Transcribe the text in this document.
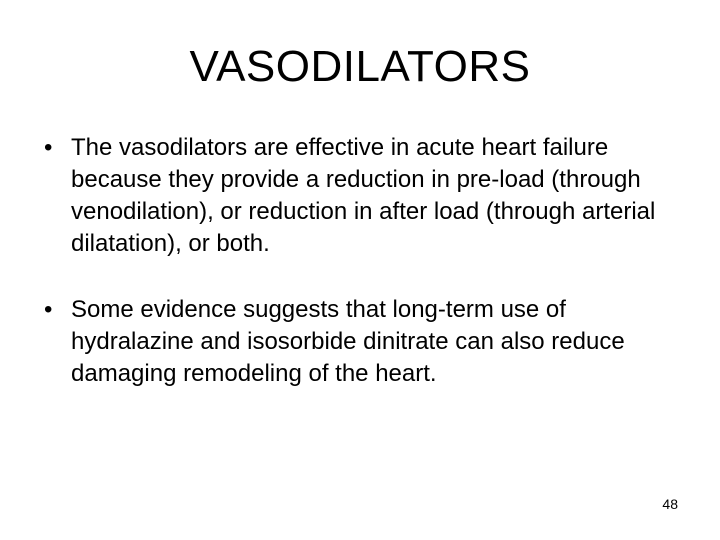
VASODILATORS
• The vasodilators are effective in acute heart failure because they provide a reduction in pre-load (through venodilation), or reduction in after load (through arterial dilatation), or both.
• Some evidence suggests that long-term use of hydralazine and isosorbide dinitrate can also reduce damaging remodeling of the heart.
48
